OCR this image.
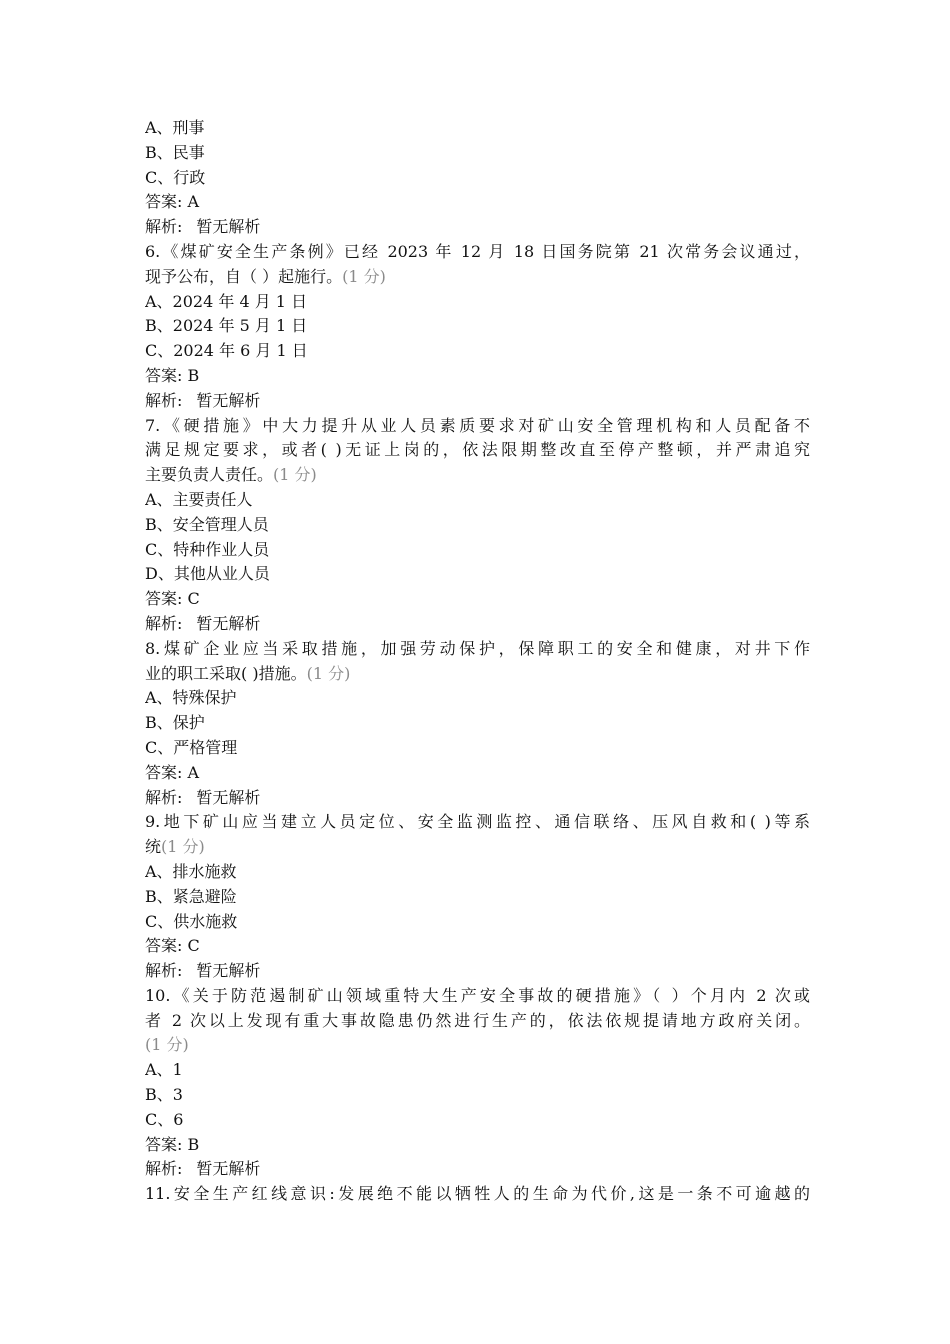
A、刑事
B、民事
C、行政
答案: A
解析: 暂无解析
6.《煤矿安全生产条例》已经 2023 年 12 月 18 日国务院第 21 次常务会议通过，
现予公布，自（ ）起施行。(1 分)
A、2024 年 4 月 1 日
B、2024 年 5 月 1 日
C、2024 年 6 月 1 日
答案: B
解析: 暂无解析
7.《硬措施》中大力提升从业人员素质要求对矿山安全管理机构和人员配备不
满足规定要求，或者( )无证上岗的，依法限期整改直至停产整顿，并严肃追究
主要负责人责任。(1 分)
A、主要责任人
B、安全管理人员
C、特种作业人员
D、其他从业人员
答案: C
解析: 暂无解析
8.煤矿企业应当采取措施，加强劳动保护，保障职工的安全和健康，对井下作
业的职工采取( )措施。(1 分)
A、特殊保护
B、保护
C、严格管理
答案: A
解析: 暂无解析
9.地下矿山应当建立人员定位、安全监测监控、通信联络、压风自救和( )等系
统(1 分)
A、排水施救
B、紧急避险
C、供水施救
答案: C
解析: 暂无解析
10.《关于防范遏制矿山领域重特大生产安全事故的硬措施》（ ）个月内 2 次或
者 2 次以上发现有重大事故隐患仍然进行生产的，依法依规提请地方政府关闭。
(1 分)
A、1
B、3
C、6
答案: B
解析: 暂无解析
11.安全生产红线意识:发展绝不能以牺牲人的生命为代价,这是一条不可逾越的
